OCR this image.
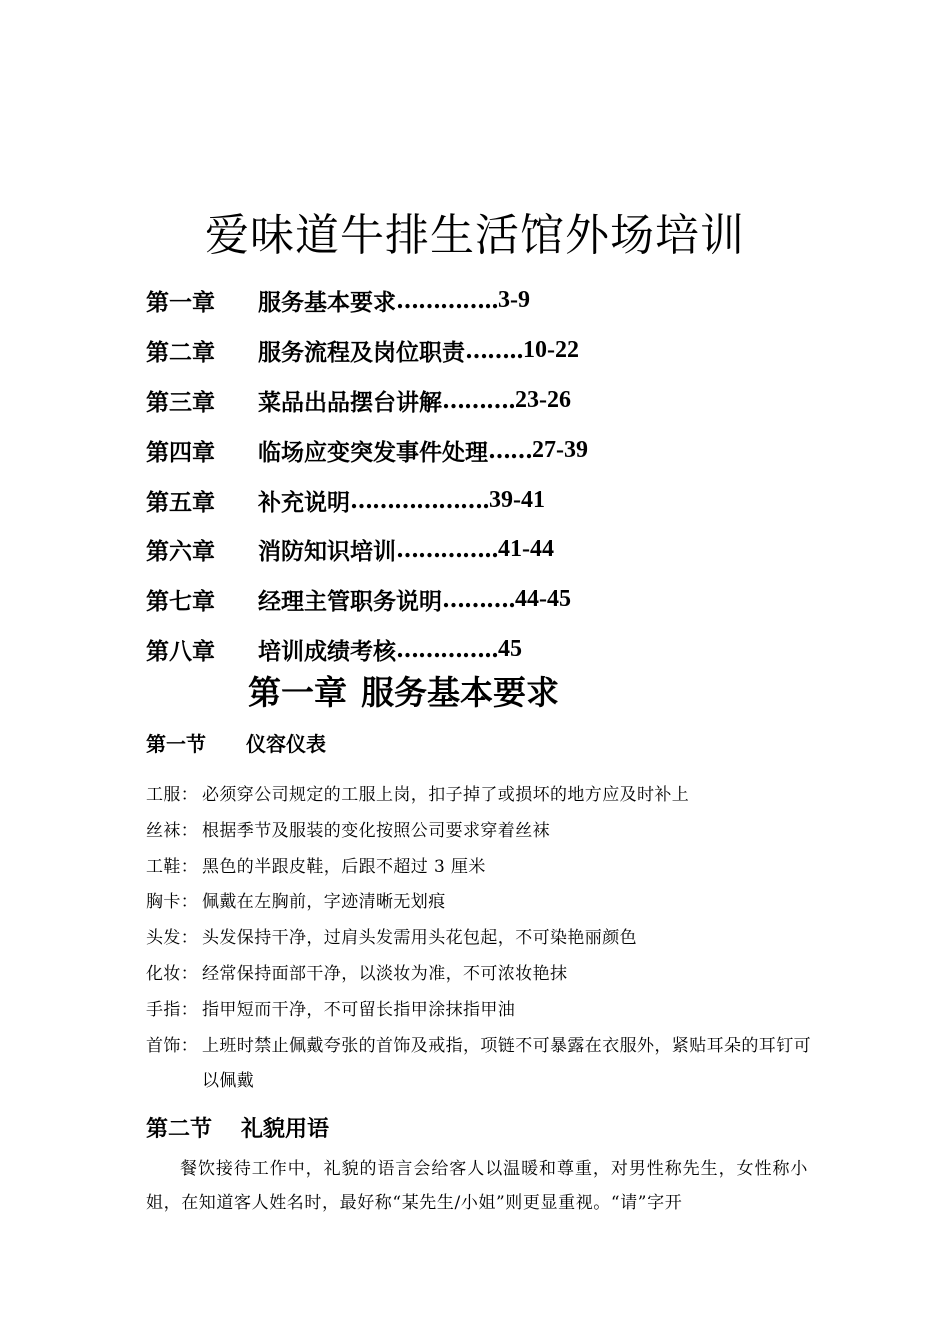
爱味道牛排生活馆外场培训
第一章	服务基本要求 ………….. 3-9
第二章	服务流程及岗位职责 …….. 10-22
第三章	菜品出品摆台讲解 ………. 23-26
第四章	临场应变突发事件处理 …… 27-39
第五章	补充说明 ………………. 39-41
第六章	消防知识培训 ………….. 41-44
第七章	经理主管职务说明 ………. 44-45
第八章	培训成绩考核 ………….. 45
第一章 服务基本要求
第一节 仪容仪表
工服： 必须穿公司规定的工服上岗，扣子掉了或损坏的地方应及时补上
丝袜： 根据季节及服装的变化按照公司要求穿着丝袜
工鞋： 黑色的半跟皮鞋，后跟不超过 3 厘米
胸卡： 佩戴在左胸前，字迹清晰无划痕
头发： 头发保持干净，过肩头发需用头花包起，不可染艳丽颜色
化妆： 经常保持面部干净，以淡妆为准，不可浓妆艳抹
手指： 指甲短而干净，不可留长指甲涂抹指甲油
首饰： 上班时禁止佩戴夸张的首饰及戒指，项链不可暴露在衣服外，紧贴耳朵的耳钉可以佩戴
第二节 礼貌用语

餐饮接待工作中，礼貌的语言会给客人以温暖和尊重，对男性称先生，女性称小姐，在知道客人姓名时，最好称“某先生/小姐”则更显重视。“请”字开
